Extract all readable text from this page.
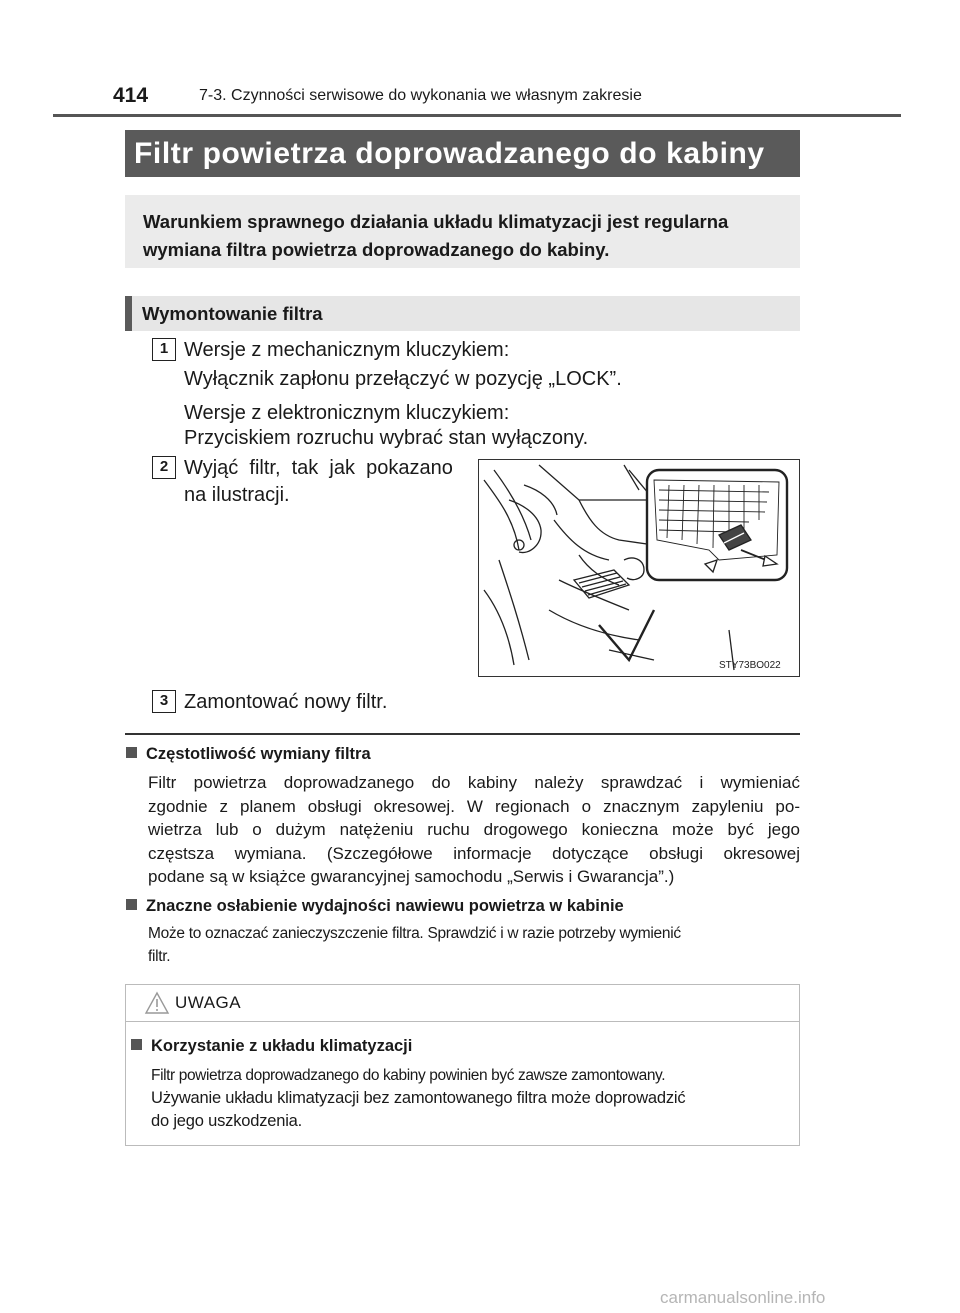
414	7-3. Czynności serwisowe do wykonania we własnym zakresie
Filtr powietrza doprowadzanego do kabiny
Warunkiem sprawnego działania układu klimatyzacji jest regularna
wymiana filtra powietrza doprowadzanego do kabiny.
Wymontowanie filtra
1 Wersje z mechanicznym kluczykiem:
Wyłącznik zapłonu przełączyć w pozycję „LOCK”.
Wersje z elektronicznym kluczykiem:
Przyciskiem rozruchu wybrać stan wyłączony.
2 Wyjąć  filtr,  tak  jak  pokazano
na ilustracji.
STY73BO022
3 Zamontować nowy filtr.
Częstotliwość wymiany filtra
Filtr powietrza doprowadzanego do kabiny należy sprawdzać i wymieniać
zgodnie z planem obsługi okresowej. W regionach o znacznym zapyleniu po-
wietrza lub o dużym natężeniu ruchu drogowego konieczna może być jego
częstsza wymiana. (Szczegółowe informacje dotyczące obsługi okresowej
podane są w książce gwarancyjnej samochodu „Serwis i Gwarancja”.)
Znaczne osłabienie wydajności nawiewu powietrza w kabinie
Może to oznaczać zanieczyszczenie filtra. Sprawdzić i w razie potrzeby wymienić
filtr.
UWAGA
Korzystanie z układu klimatyzacji
Filtr powietrza doprowadzanego do kabiny powinien być zawsze zamontowany.
Używanie układu klimatyzacji bez zamontowanego filtra może doprowadzić
do jego uszkodzenia.
carmanualsonline.info
